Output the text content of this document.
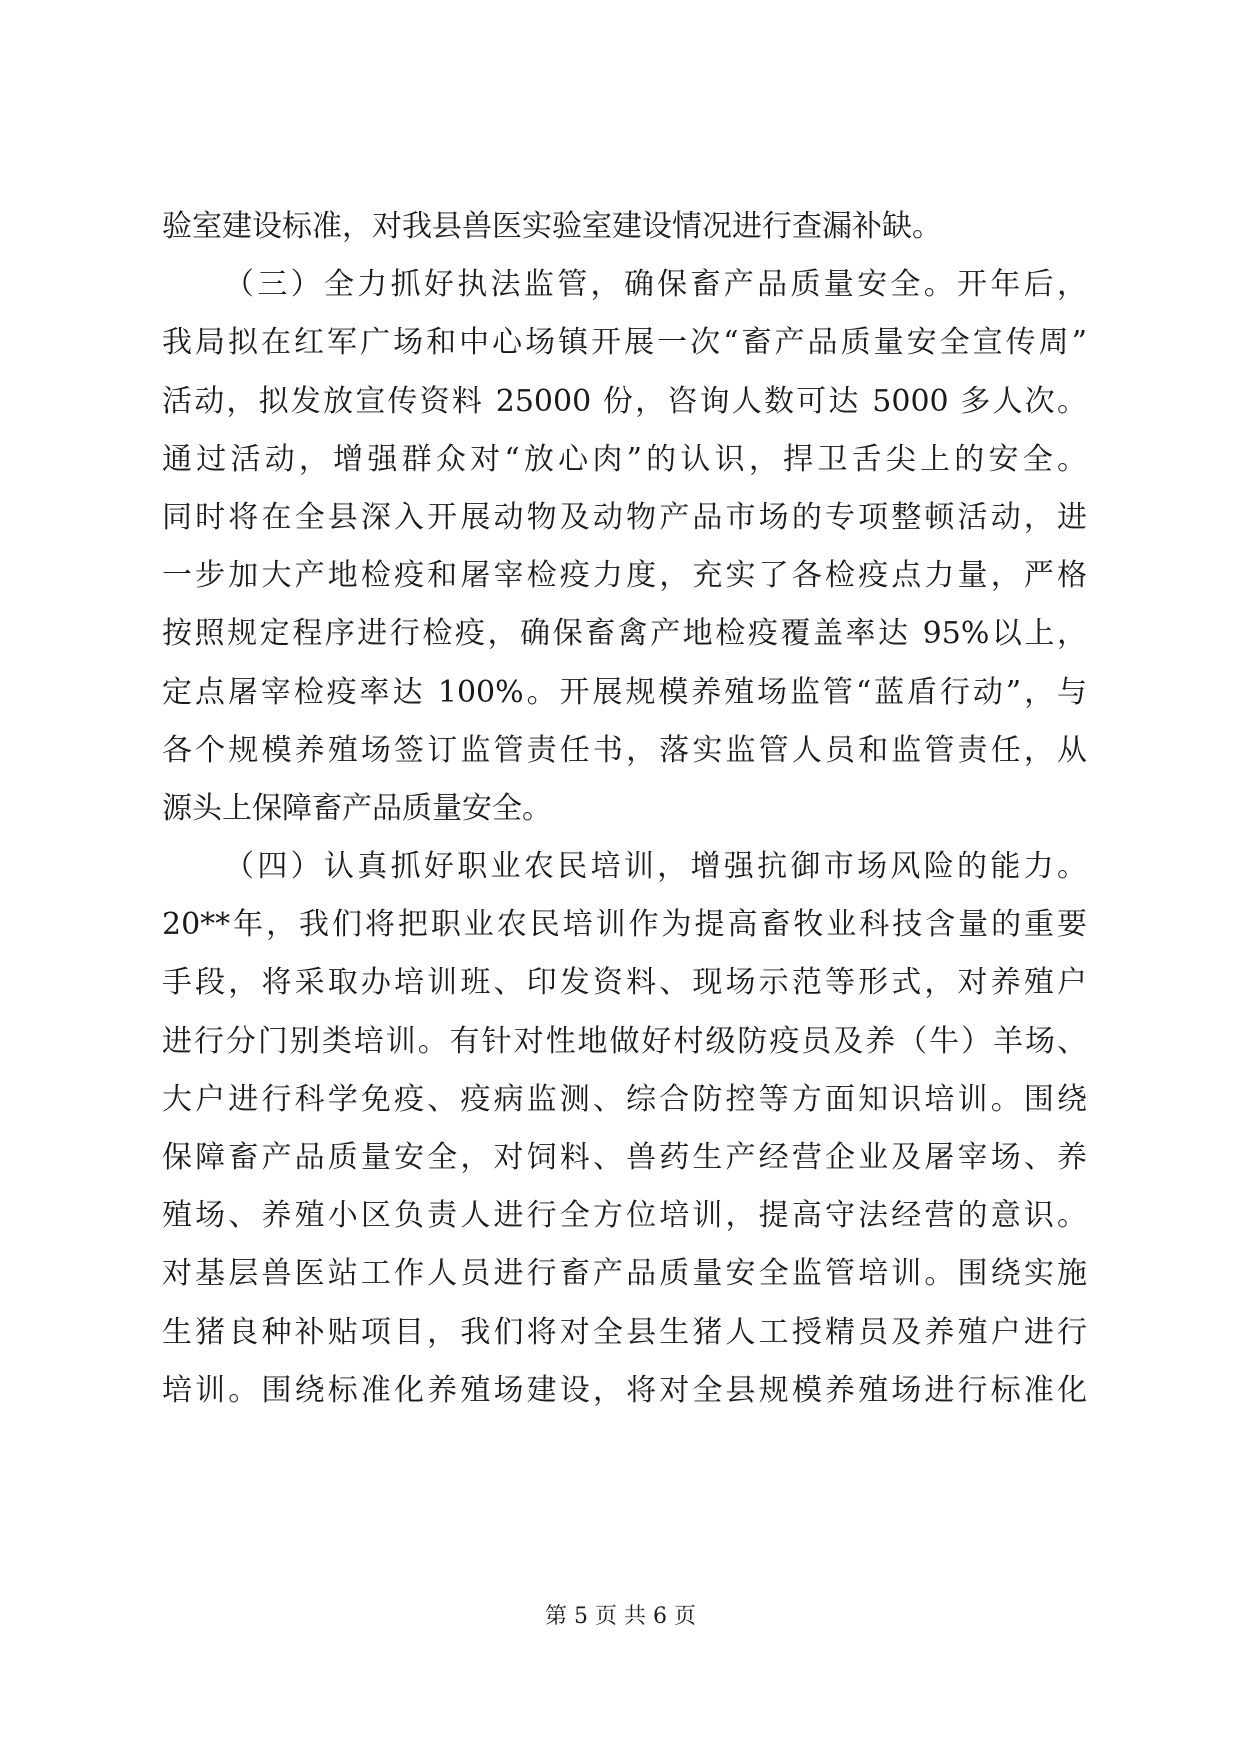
验室建设标准，对我县兽医实验室建设情况进行查漏补缺。
（三）全力抓好执法监管，确保畜产品质量安全。开年后，
我局拟在红军广场和中心场镇开展一次“畜产品质量安全宣传周”
活动，拟发放宣传资料 25000 份，咨询人数可达 5000 多人次。
通过活动，增强群众对“放心肉”的认识，捍卫舌尖上的安全。
同时将在全县深入开展动物及动物产品市场的专项整顿活动，进
一步加大产地检疫和屠宰检疫力度，充实了各检疫点力量，严格
按照规定程序进行检疫，确保畜禽产地检疫覆盖率达 95%以上，
定点屠宰检疫率达 100%。开展规模养殖场监管“蓝盾行动”，与
各个规模养殖场签订监管责任书，落实监管人员和监管责任，从
源头上保障畜产品质量安全。
（四）认真抓好职业农民培训，增强抗御市场风险的能力。
20**年，我们将把职业农民培训作为提高畜牧业科技含量的重要
手段，将采取办培训班、印发资料、现场示范等形式，对养殖户
进行分门别类培训。有针对性地做好村级防疫员及养（牛）羊场、
大户进行科学免疫、疫病监测、综合防控等方面知识培训。围绕
保障畜产品质量安全，对饲料、兽药生产经营企业及屠宰场、养
殖场、养殖小区负责人进行全方位培训，提高守法经营的意识。
对基层兽医站工作人员进行畜产品质量安全监管培训。围绕实施
生猪良种补贴项目，我们将对全县生猪人工授精员及养殖户进行
培训。围绕标准化养殖场建设，将对全县规模养殖场进行标准化
第 5 页 共 6 页
